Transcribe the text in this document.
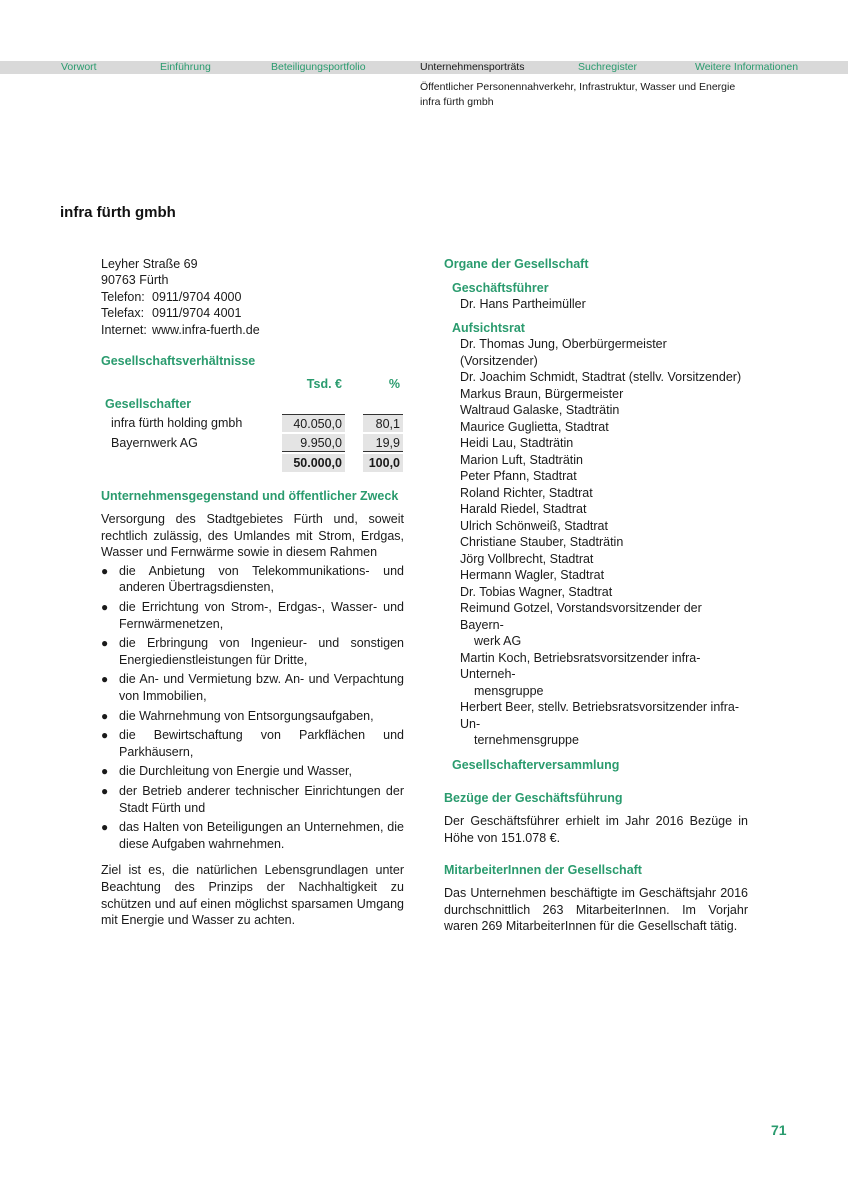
Vorwort	Einführung	Beteiligungsportfolio	Unternehmensporträts	Suchregister	Weitere Informationen
Öffentlicher Personennahverkehr, Infrastruktur, Wasser und Energie
infra fürth gmbh
infra fürth gmbh
Leyher Straße 69
90763 Fürth
Telefon: 0911/9704 4000
Telefax: 0911/9704 4001
Internet: www.infra-fuerth.de
Gesellschaftsverhältnisse
Tsd. €	%
Gesellschafter
infra fürth holding gmbh	40.050,0	80,1
Bayernwerk AG	9.950,0	19,9
50.000,0	100,0
Unternehmensgegenstand und öffentlicher Zweck
Versorgung des Stadtgebietes Fürth und, soweit rechtlich zulässig, des Umlandes mit Strom, Erdgas, Wasser und Fernwärme sowie in diesem Rahmen
● die Anbietung von Telekommunikations- und anderen Übertragsdiensten,
● die Errichtung von Strom-, Erdgas-, Wasser- und Fernwärmenetzen,
● die Erbringung von Ingenieur- und sonstigen Energiedienstleistungen für Dritte,
● die An- und Vermietung bzw. An- und Verpachtung von Immobilien,
● die Wahrnehmung von Entsorgungsaufgaben,
● die Bewirtschaftung von Parkflächen und Parkhäusern,
● die Durchleitung von Energie und Wasser,
● der Betrieb anderer technischer Einrichtungen der Stadt Fürth und
● das Halten von Beteiligungen an Unternehmen, die diese Aufgaben wahrnehmen.
Ziel ist es, die natürlichen Lebensgrundlagen unter Beachtung des Prinzips der Nachhaltigkeit zu schützen und auf einen möglichst sparsamen Umgang mit Energie und Wasser zu achten.
Organe der Gesellschaft
Geschäftsführer
Dr. Hans Partheimüller
Aufsichtsrat
Dr. Thomas Jung, Oberbürgermeister (Vorsitzender)
Dr. Joachim Schmidt, Stadtrat (stellv. Vorsitzender)
Markus Braun, Bürgermeister
Waltraud Galaske, Stadträtin
Maurice Guglietta, Stadtrat
Heidi Lau, Stadträtin
Marion Luft, Stadträtin
Peter Pfann, Stadtrat
Roland Richter, Stadtrat
Harald Riedel, Stadtrat
Ulrich Schönweiß, Stadtrat
Christiane Stauber, Stadträtin
Jörg Vollbrecht, Stadtrat
Hermann Wagler, Stadtrat
Dr. Tobias Wagner, Stadtrat
Reimund Gotzel, Vorstandsvorsitzender der Bayern-
werk AG
Martin Koch, Betriebsratsvorsitzender infra-Unterneh-
mensgruppe
Herbert Beer, stellv. Betriebsratsvorsitzender infra-Un-
ternehmensgruppe
Gesellschafterversammlung
Bezüge der Geschäftsführung
Der Geschäftsführer erhielt im Jahr 2016 Bezüge in Höhe von 151.078 €.
MitarbeiterInnen der Gesellschaft
Das Unternehmen beschäftigte im Geschäftsjahr 2016 durchschnittlich 263 MitarbeiterInnen. Im Vorjahr waren 269 MitarbeiterInnen für die Gesellschaft tätig.
71
